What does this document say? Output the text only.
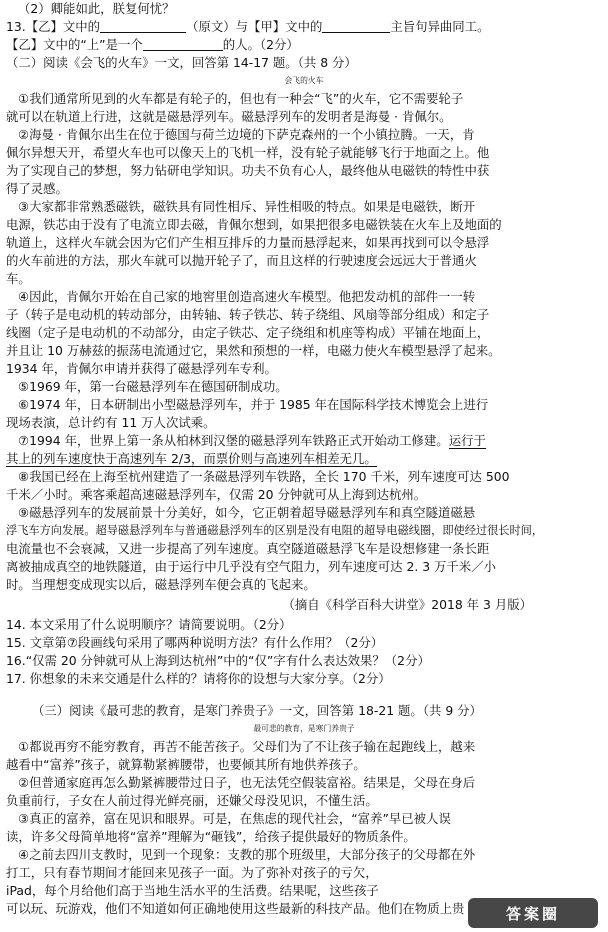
（2）卿能如此，朕复何忧？
13.【乙】文中的	（原文）与【甲】文中的	主旨句异曲同工。
【乙】文中的“上”是一个	的人。（2分）
（二）阅读《会飞的火车》一文，回答第 14-17 题。（共 8 分）
会飞的火车
①我们通常所见到的火车都是有轮子的，但也有一种会“飞”的火车，它不需要轮子
就可以在轨道上行进，这就是磁悬浮列车。磁悬浮列车的发明者是海曼 · 肯佩尔。
②海曼 · 肯佩尔出生在位于德国与荷兰边境的下萨克森州的一个小镇拉腾。一天，肯
佩尔异想天开，希望火车也可以像天上的飞机一样，没有轮子就能够飞行于地面之上。他
为了实现自己的梦想，努力钻研电学知识。功夫不负有心人，最终他从电磁铁的特性中获
得了灵感。
③大家都非常熟悉磁铁，磁铁具有同性相斥、异性相吸的特点。如果是电磁铁，断开
电源，铁芯由于没有了电流立即去磁，肯佩尔想到，如果把很多电磁铁装在火车上及地面的
轨道上，这样火车就会因为它们产生相互排斥的力量而悬浮起来，如果再找到可以令悬浮
的火车前进的方法，那火车就可以抛开轮子了，而且这样的行驶速度会远远大于普通火
车。
④因此，肯佩尔开始在自己家的地窖里创造高速火车模型。他把发动机的部件一一转
子（转子是电动机的转动部分，由转轴、转子铁芯、转子绕组、风扇等部分组成）和定子
线圈（定子是电动机的不动部分，由定子铁芯、定子绕组和机座等构成）平铺在地面上，
并且让 10 万赫兹的振荡电流通过它，果然和预想的一样，电磁力使火车模型悬浮了起来。
1934 年，肯佩尔申请并获得了磁悬浮列车专利。
⑤1969 年，第一台磁悬浮列车在德国研制成功。
⑥1974 年，日本研制出小型磁悬浮列车，并于 1985 年在国际科学技术博览会上进行
现场表演，总计约有 11 万人次试乘。
⑦1994 年，世界上第一条从柏林到汉堡的磁悬浮列车铁路正式开始动工修建。运行于
其上的列车速度快于高速列车 2/3，而票价则与高速列车相差无几。
⑧我国已经在上海至杭州建造了一条磁悬浮列车铁路，全长 170 千米，列车速度可达 500
千米／小时。乘客乘超高速磁悬浮列车，仅需 20 分钟就可从上海到达杭州。
⑨磁悬浮列车的发展前景十分美好，如今，它正朝着超导磁悬浮列车和真空隧道磁悬
浮飞车方向发展。超导磁悬浮列车与普通磁悬浮列车的区别是没有电阻的超导电磁线圈，即使经过很长时间，
电流量也不会衰减，又进一步提高了列车速度。真空隧道磁悬浮飞车是设想修建一条长距
离被抽成真空的地铁隧道，由于运行中几乎没有空气阻力，列车速度可达 2. 3 万千米／小
时。当理想变成现实以后，磁悬浮列车便会真的飞起来。
（摘自《科学百科大讲堂》2018 年 3 月版）
14. 本文采用了什么说明顺序？请简要说明。（2分）
15. 文章第⑦段画线句采用了哪两种说明方法？有什么作用？（2分）
16.“仅需 20 分钟就可从上海到达杭州”中的“仅”字有什么表达效果？（2分）
17. 你想象的未来交通是什么样的？请将你的设想与大家分享。（2分）
（三）阅读《最可悲的教育，是寒门养贵子》一文，回答第 18-21 题。（共 9 分）
最可悲的教育，是寒门养贵子
①都说再穷不能穷教育，再苦不能苦孩子。父母们为了不让孩子输在起跑线上，越来
越看中“富养”孩子，就算勒紧裤腰带，也要倾其所有地供养孩子。
②但普通家庭再怎么勤紧裤腰带过日子，也无法凭空假装富裕。结果是，父母在身后
负重前行，子女在人前过得光鲜亮丽，还嫌父母没见识，不懂生活。
③真正的富养，富在见识和眼界。可是，在焦虑的现代社会，“富养”早已被人误
读，许多父母简单地将“富养”理解为“砸钱”，给孩子提供最好的物质条件。
④之前去四川支教时，见到一个现象：支教的那个班级里，大部分孩子的父母都在外
打工，只有春节期间才能回来见孩子一面。为了弥补对孩子的亏欠，
iPad，每个月给他们高于当地生活水平的生活费。结果呢，这些孩子
可以玩、玩游戏，他们不知道如何正确地使用这些最新的科技产品。他们在物质上贵	答案圈
